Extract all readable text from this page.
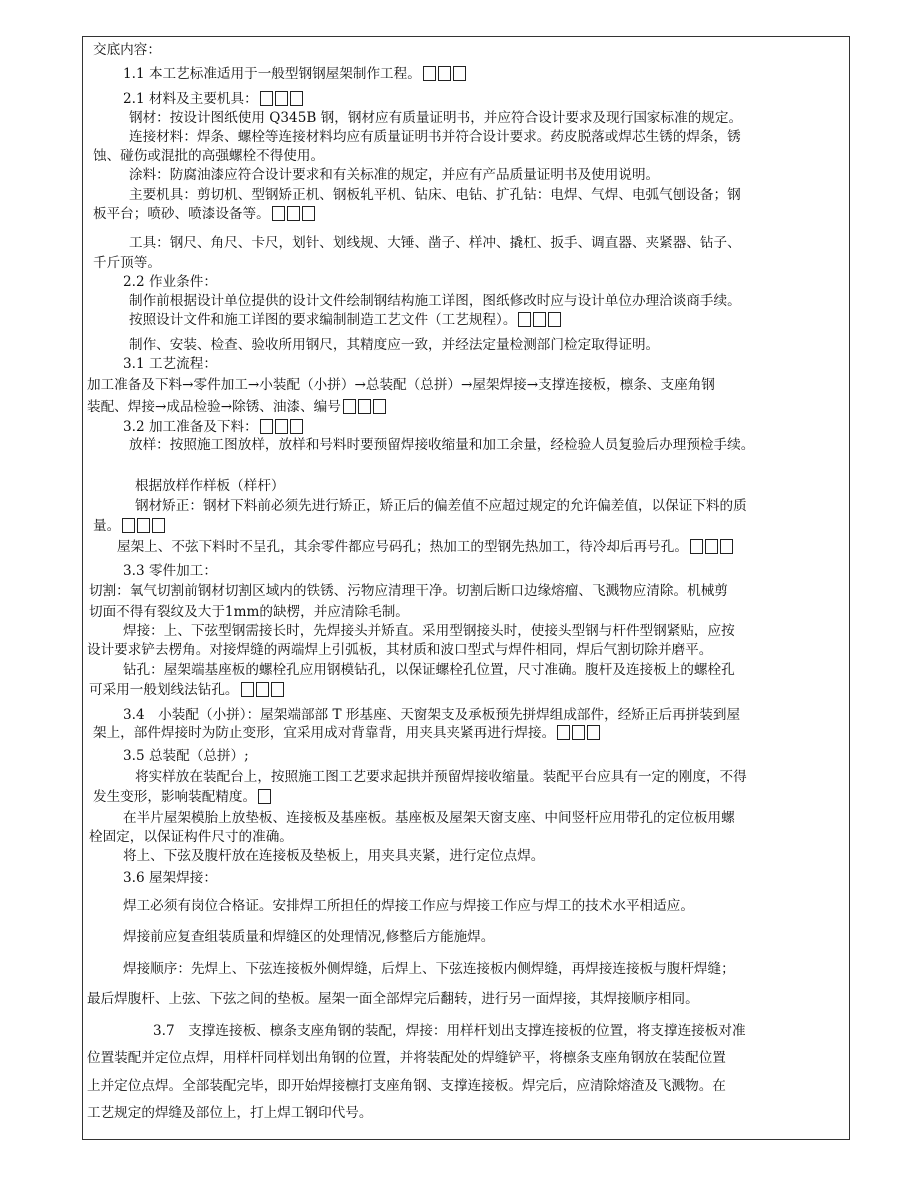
交底内容：
1.1 本工艺标准适用于一般型钢钢屋架制作工程。
2.1 材料及主要机具：
钢材：按设计图纸使用 Q345B 钢，钢材应有质量证明书，并应符合设计要求及现行国家标准的规定。
连接材料：焊条、螺栓等连接材料均应有质量证明书并符合设计要求。药皮脱落或焊芯生锈的焊条，锈
蚀、碰伤或混批的高强螺栓不得使用。
涂料：防腐油漆应符合设计要求和有关标准的规定，并应有产品质量证明书及使用说明。
主要机具：剪切机、型钢矫正机、钢板轧平机、钻床、电钻、扩孔钻：电焊、气焊、电弧气刨设备；钢
板平台；喷砂、喷漆设备等。
工具：钢尺、角尺、卡尺，划针、划线规、大锤、凿子、样冲、撬杠、扳手、调直器、夹紧器、钻子、
千斤顶等。
2.2 作业条件：
制作前根据设计单位提供的设计文件绘制钢结构施工详图，图纸修改时应与设计单位办理洽谈商手续。
按照设计文件和施工详图的要求编制制造工艺文件（工艺规程）。
制作、安装、检查、验收所用钢尺，其精度应一致，并经法定量检测部门检定取得证明。
3.1 工艺流程：
加工准备及下料→零件加工→小装配（小拼）→总装配（总拼）→屋架焊接→支撑连接板，檩条、支座角钢
装配、焊接→成品检验→除锈、油漆、编号
3.2 加工准备及下料：
放样：按照施工图放样，放样和号料时要预留焊接收缩量和加工余量，经检验人员复验后办理预检手续。
根据放样作样板（样杆）
钢材矫正：钢材下料前必须先进行矫正，矫正后的偏差值不应超过规定的允许偏差值，以保证下料的质
量。
屋架上、不弦下料时不呈孔，其余零件都应号码孔；热加工的型钢先热加工，待冷却后再号孔。
3.3 零件加工：
切割：氧气切割前钢材切割区域内的铁锈、污物应清理干净。切割后断口边缘熔瘤、飞溅物应清除。机械剪
切面不得有裂纹及大于1mm的缺楞，并应清除毛制。
焊接：上、下弦型钢需接长时，先焊接头并矫直。采用型钢接头时，使接头型钢与杆件型钢紧贴，应按
设计要求铲去楞角。对接焊缝的两端焊上引弧板，其材质和波口型式与焊件相同，焊后气割切除并磨平。
钻孔：屋架端基座板的螺栓孔应用钢模钻孔，以保证螺栓孔位置，尺寸准确。腹杆及连接板上的螺栓孔
可采用一般划线法钻孔。
3.4　小装配（小拼）：屋架端部部 T 形基座、天窗架支及承板预先拼焊组成部件，经矫正后再拼装到屋
架上，部件焊接时为防止变形，宜采用成对背靠背，用夹具夹紧再进行焊接。
3.5 总装配（总拼）;
将实样放在装配台上，按照施工图工艺要求起拱并预留焊接收缩量。装配平台应具有一定的刚度，不得
发生变形，影响装配精度。
在半片屋架模胎上放垫板、连接板及基座板。基座板及屋架天窗支座、中间竖杆应用带孔的定位板用螺
栓固定，以保证构件尺寸的准确。
将上、下弦及腹杆放在连接板及垫板上，用夹具夹紧，进行定位点焊。
3.6 屋架焊接：
焊工必须有岗位合格证。安排焊工所担任的焊接工作应与焊接工作应与焊工的技术水平相适应。
焊接前应复查组装质量和焊缝区的处理情况,修整后方能施焊。
焊接顺序：先焊上、下弦连接板外侧焊缝，后焊上、下弦连接板内侧焊缝，再焊接连接板与腹杆焊缝；
最后焊腹杆、上弦、下弦之间的垫板。屋架一面全部焊完后翻转，进行另一面焊接，其焊接顺序相同。
3.7　支撑连接板、檩条支座角钢的装配，焊接：用样杆划出支撑连接板的位置，将支撑连接板对准
位置装配并定位点焊，用样杆同样划出角钢的位置，并将装配处的焊缝铲平，将檩条支座角钢放在装配位置
上并定位点焊。全部装配完毕，即开始焊接檩打支座角钢、支撑连接板。焊完后，应清除熔渣及飞溅物。在
工艺规定的焊缝及部位上，打上焊工钢印代号。
